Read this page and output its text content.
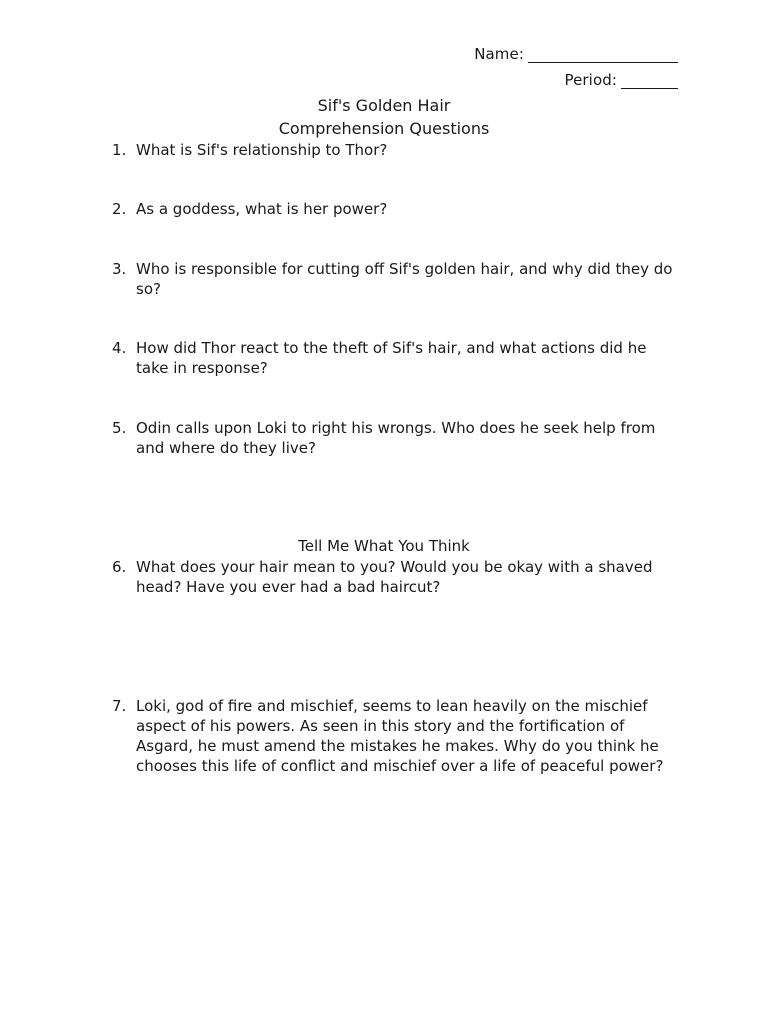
Name:
Period:
Sif's Golden Hair
Comprehension Questions
1. What is Sif's relationship to Thor?
2. As a goddess, what is her power?
3. Who is responsible for cutting off Sif's golden hair, and why did they do so?
4. How did Thor react to the theft of Sif's hair, and what actions did he take in response?
5. Odin calls upon Loki to right his wrongs. Who does he seek help from and where do they live?
Tell Me What You Think
6. What does your hair mean to you? Would you be okay with a shaved head? Have you ever had a bad haircut?
7. Loki, god of fire and mischief, seems to lean heavily on the mischief aspect of his powers. As seen in this story and the fortification of Asgard, he must amend the mistakes he makes. Why do you think he chooses this life of conflict and mischief over a life of peaceful power?
